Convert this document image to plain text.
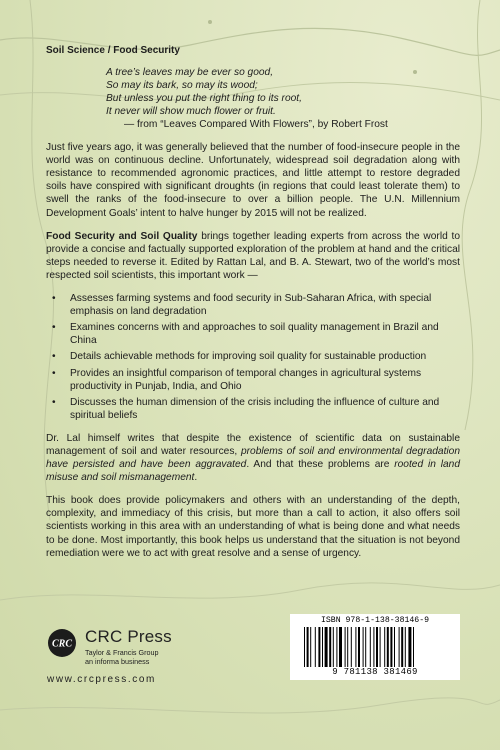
Soil Science / Food Security
A tree’s leaves may be ever so good,
So may its bark, so may its wood;
But unless you put the right thing to its root,
It never will show much flower or fruit.
— from “Leaves Compared With Flowers”, by Robert Frost

Just five years ago, it was generally believed that the number of food-insecure people in the world was on continuous decline. Unfortunately, widespread soil degradation along with resistance to recommended agronomic practices, and little attempt to restore degraded soils have conspired with significant droughts (in regions that could least tolerate them) to swell the ranks of the food-insecure to over a billion people. The U.N. Millennium Development Goals’ intent to halve hunger by 2015 will not be realized.

Food Security and Soil Quality brings together leading experts from across the world to provide a concise and factually supported exploration of the problem at hand and the critical steps needed to reverse it. Edited by Rattan Lal, and B. A. Stewart, two of the world’s most respected soil scientists, this important work —

• Assesses farming systems and food security in Sub-Saharan Africa, with special emphasis on land degradation
• Examines concerns with and approaches to soil quality management in Brazil and China
• Details achievable methods for improving soil quality for sustainable production
• Provides an insightful comparison of temporal changes in agricultural systems productivity in Punjab, India, and Ohio
• Discusses the human dimension of the crisis including the influence of culture and spiritual beliefs

Dr. Lal himself writes that despite the existence of scientific data on sustainable management of soil and water resources, problems of soil and environmental degradation have persisted and have been aggravated. And that these problems are rooted in land misuse and soil mismanagement.

This book does provide policymakers and others with an understanding of the depth, complexity, and immediacy of this crisis, but more than a call to action, it also offers soil scientists working in this area with an understanding of what is being done and what needs to be done. Most importantly, this book helps us understand that the situation is not beyond remediation were we to act with great resolve and a sense of urgency.

CRC CRC Press
Taylor & Francis Group
an informa business
www.crcpress.com
ISBN 978-1-138-38146-9
9 781138 381469
